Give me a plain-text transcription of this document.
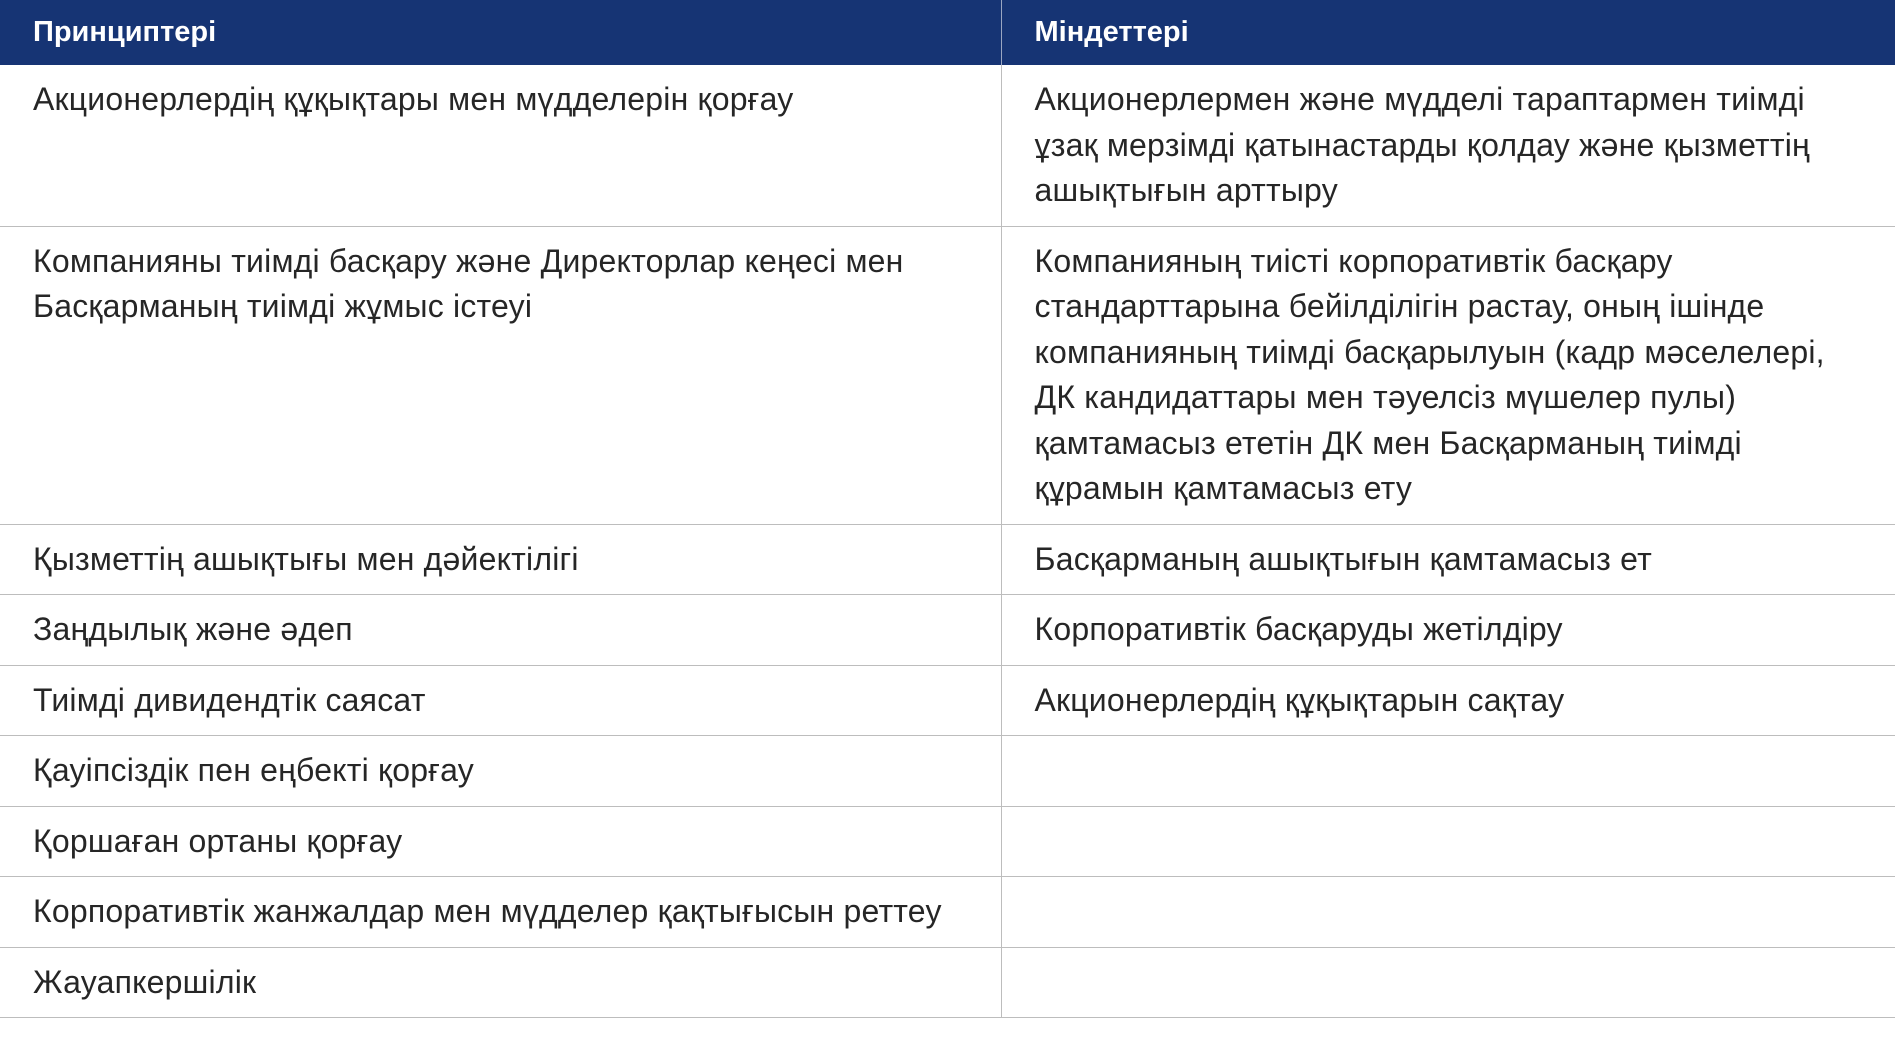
Принциптері	Міндеттері
Акционерлердің құқықтары мен мүдделерін қорғау	Акционерлермен және мүдделі тараптармен тиімді ұзақ мерзімді қатынастарды қолдау және қызметтің ашықтығын арттыру
Компанияны тиімді басқару және Директорлар кеңесі мен Басқарманың тиімді жұмыс істеуі	Компанияның тиісті корпоративтік басқару стандарттарына бейілділігін растау, оның ішінде компанияның тиімді басқарылуын (кадр мәселелері, ДК кандидаттары мен тәуелсіз мүшелер пулы) қамтамасыз ететін ДК мен Басқарманың тиімді құрамын қамтамасыз ету
Қызметтің ашықтығы мен дәйектілігі	Басқарманың ашықтығын қамтамасыз ет
Заңдылық және әдеп	Корпоративтік басқаруды жетілдіру
Тиімді дивидендтік саясат	Акционерлердің құқықтарын сақтау
Қауіпсіздік пен еңбекті қорғау	
Қоршаған ортаны қорғау	
Корпоративтік жанжалдар мен мүдделер қақтығысын реттеу	
Жауапкершілік	
